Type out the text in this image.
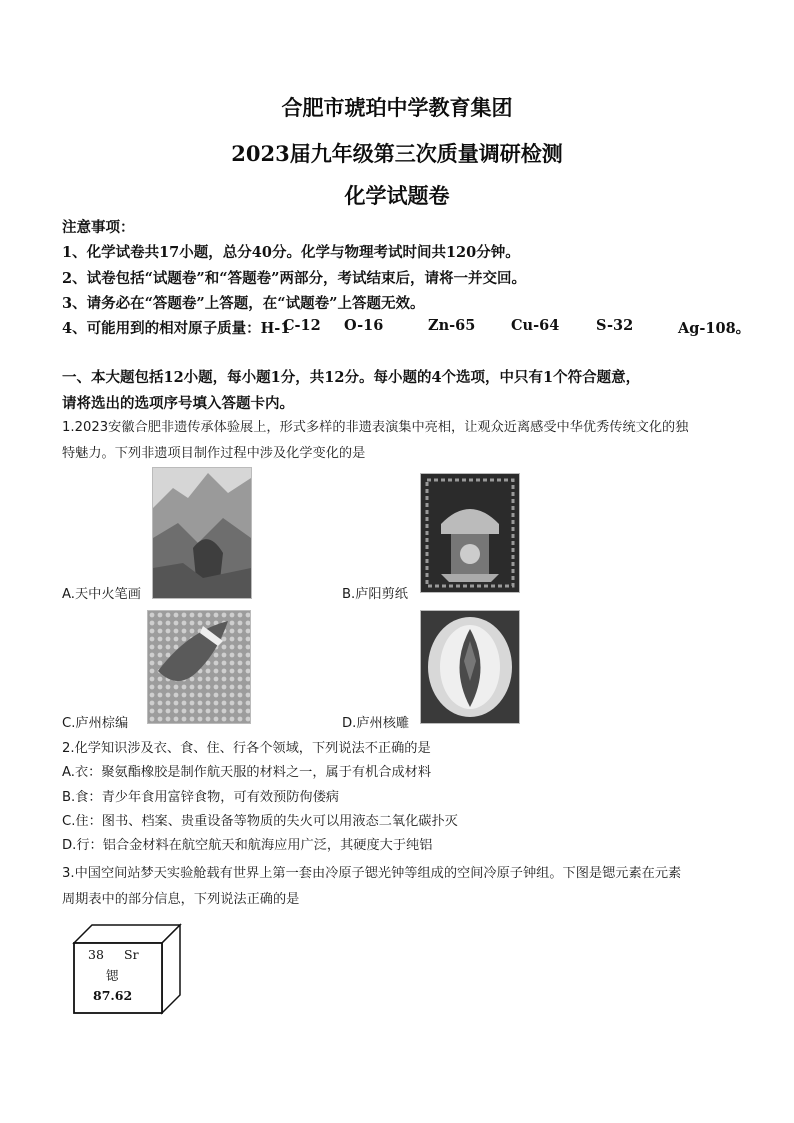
合肥市琥珀中学教育集团
2023届九年级第三次质量调研检测
化学试题卷
注意事项：
1、化学试卷共17小题，总分40分。化学与物理考试时间共120分钟。
2、试卷包括“试题卷”和“答题卷”两部分，考试结束后，请将一并交回。
3、请务必在“答题卷”上答题，在“试题卷”上答题无效。
4、可能用到的相对原子质量：H-1
C-12 O-16	Zn-65 Cu-64	S-32	Ag-108。
一、本大题包括12小题，每小题1分，共12分。每小题的4个选项，中只有1个符合题意，
请将选出的选项序号填入答题卡内。
1.2023安徽合肥非遗传承体验展上，形式多样的非遗表演集中亮相，让观众近离感受中华优秀传统文化的独
特魅力。下列非遗项目制作过程中涉及化学变化的是
A.天中火笔画	B.庐阳剪纸
C.庐州棕编	D.庐州核雕
2.化学知识涉及衣、食、住、行各个领域，下列说法不正确的是
A.衣：聚氨酯橡胶是制作航天服的材料之一，属于有机合成材料
B.食：青少年食用富锌食物，可有效预防佝偻病
C.住：图书、档案、贵重设备等物质的失火可以用液态二氧化碳扑灭
D.行：铝合金材料在航空航天和航海应用广泛，其硬度大于纯铝
3.中国空间站梦天实验舱载有世界上第一套由冷原子锶光钟等组成的空间冷原子钟组。下图是锶元素在元素
周期表中的部分信息，下列说法正确的是
38 Sr
锶
87.62
